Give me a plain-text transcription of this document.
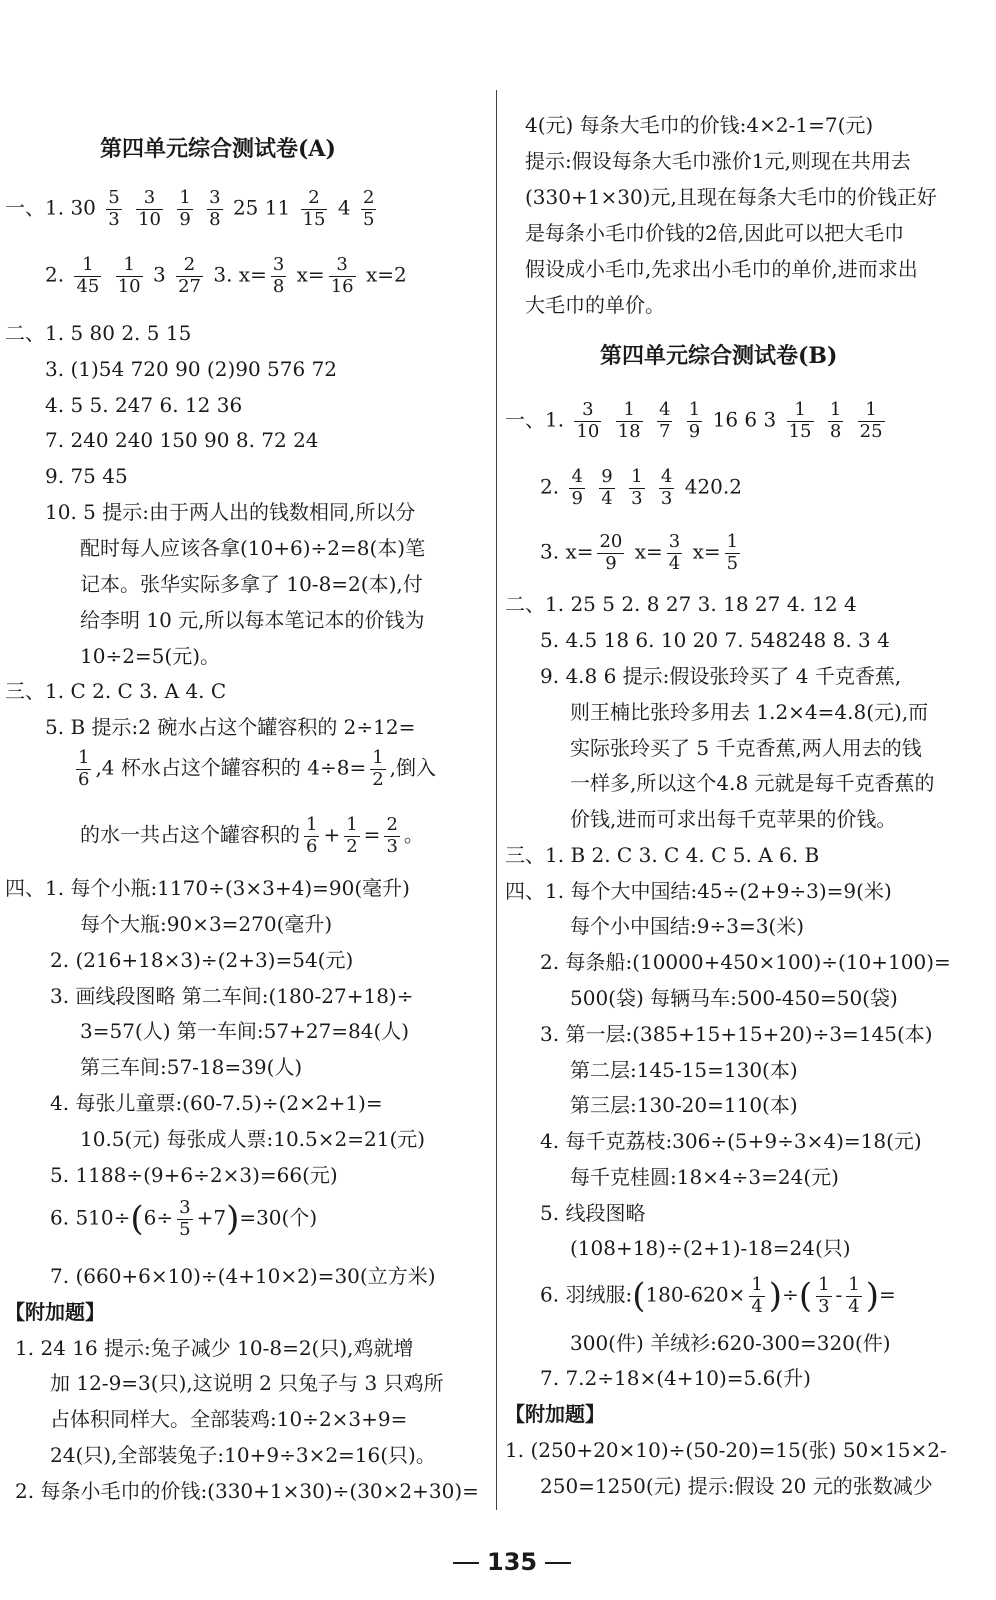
第四单元综合测试卷(A)
一、1. $30 \frac{5}{3}$
$\frac{3}{10}$
$\frac{1}{9}$
$\frac{3}{8} 25$ $11 \frac{2}{15} 4 \frac{2}{5}$
2. $\frac{1}{45}$
$\frac{1}{10} 3 \frac{2}{27} 3$. $x= \frac{3}{8} x= \frac{3}{16} x=2$
二、1. 5 80 2. 5 15
3. (1)54 720 90 (2)90 576 72
4. 5 5. 247 6. 12 36
7. 240 240 150 90 8. 72 24
9. 75 45
10. 5 提示:由于两人出的钱数相同,所以分
配时每人应该各拿(10+6)÷2=8(本)笔
记本。张华实际多拿了 10-8=2(本),付
给李明 10 元,所以每本笔记本的价钱为
10÷2=5(元)。
三、1. C 2. C 3. A 4. C
5. B 提示:2 碗水占这个罐容积的 2÷12=
$\frac{1}{6} ,4$ 杯水占这个罐容积的 $4\div 8= \frac{1}{2}$ ,倒入
的水一共占这个罐容积的 $\frac{1}{6} + \frac{1}{2} = \frac{2}{3}$ 。
四、1. 每个小瓶:1170÷(3×3+4)=90(毫升)
每个大瓶:90×3=270(毫升)
2. (216+18×3)÷(2+3)=54(元)
3. 画线段图略 第二车间:(180-27+18)÷
3=57(人) 第一车间:57+27=84(人)
第三车间:57-18=39(人)
4. 每张儿童票:(60-7.5)÷(2×2+1)=
10.5(元) 每张成人票:10.5×2=21(元)
5. 1188÷(9+6÷2×3)=66(元)
6. $510\div(6\div \frac{3}{5} +7)=30$(个)
7. (660+6×10)÷(4+10×2)=30(立方米)
【附加题】
1. 24 16 提示:兔子减少 10-8=2(只),鸡就增
加 12-9=3(只),这说明 2 只兔子与 3 只鸡所
占体积同样大。全部装鸡:10÷2×3+9=
24(只),全部装兔子:10+9÷3×2=16(只)。
2. 每条小毛巾的价钱:(330+1×30)÷(30×2+30)=
4(元) 每条大毛巾的价钱:4×2-1=7(元)
提示:假设每条大毛巾涨价1元,则现在共用去
(330+1×30)元,且现在每条大毛巾的价钱正好
是每条小毛巾价钱的2倍,因此可以把大毛巾
假设成小毛巾,先求出小毛巾的单价,进而求出
大毛巾的单价。
第四单元综合测试卷(B)
一、1. $\frac{3}{10}$
$\frac{1}{18}$
$\frac{4}{7}$
$\frac{1}{9} 16$ 6 $3 \frac{1}{15}$
$\frac{1}{8}$
$\frac{1}{25}$
2. $\frac{4}{9}$
$\frac{9}{4}$
$\frac{1}{3}$
$\frac{4}{3} 420.2$
3. $x= \frac{20}{9} x= \frac{3}{4} x= \frac{1}{5}$
二、1. 25 5 2. 8 27 3. 18 27 4. 12 4
5. 4.5 18 6. 10 20 7. 548248 8. 3 4
9. 4.8 6 提示:假设张玲买了 4 千克香蕉,
则王楠比张玲多用去 1.2×4=4.8(元),而
实际张玲买了 5 千克香蕉,两人用去的钱
一样多,所以这个4.8 元就是每千克香蕉的
价钱,进而可求出每千克苹果的价钱。
三、1. B 2. C 3. C 4. C 5. A 6. B
四、1. 每个大中国结:45÷(2+9÷3)=9(米)
每个小中国结:9÷3=3(米)
2. 每条船:(10000+450×100)÷(10+100)=
500(袋) 每辆马车:500-450=50(袋)
3. 第一层:(385+15+15+20)÷3=145(本)
第二层:145-15=130(本)
第三层:130-20=110(本)
4. 每千克荔枝:306÷(5+9÷3×4)=18(元)
每千克桂圆:18×4÷3=24(元)
5. 线段图略
(108+18)÷(2+1)-18=24(只)
6. 羽绒服:(180-620× $\frac{1}{4}$ )÷( $\frac{1}{3} - \frac{1}{4}$ )=
300(件) 羊绒衫:620-300=320(件)
7. 7.2÷18×(4+10)=5.6(升)
【附加题】
1. (250+20×10)÷(50-20)=15(张) 50×15×2-
250=1250(元) 提示:假设 20 元的张数减少
135
